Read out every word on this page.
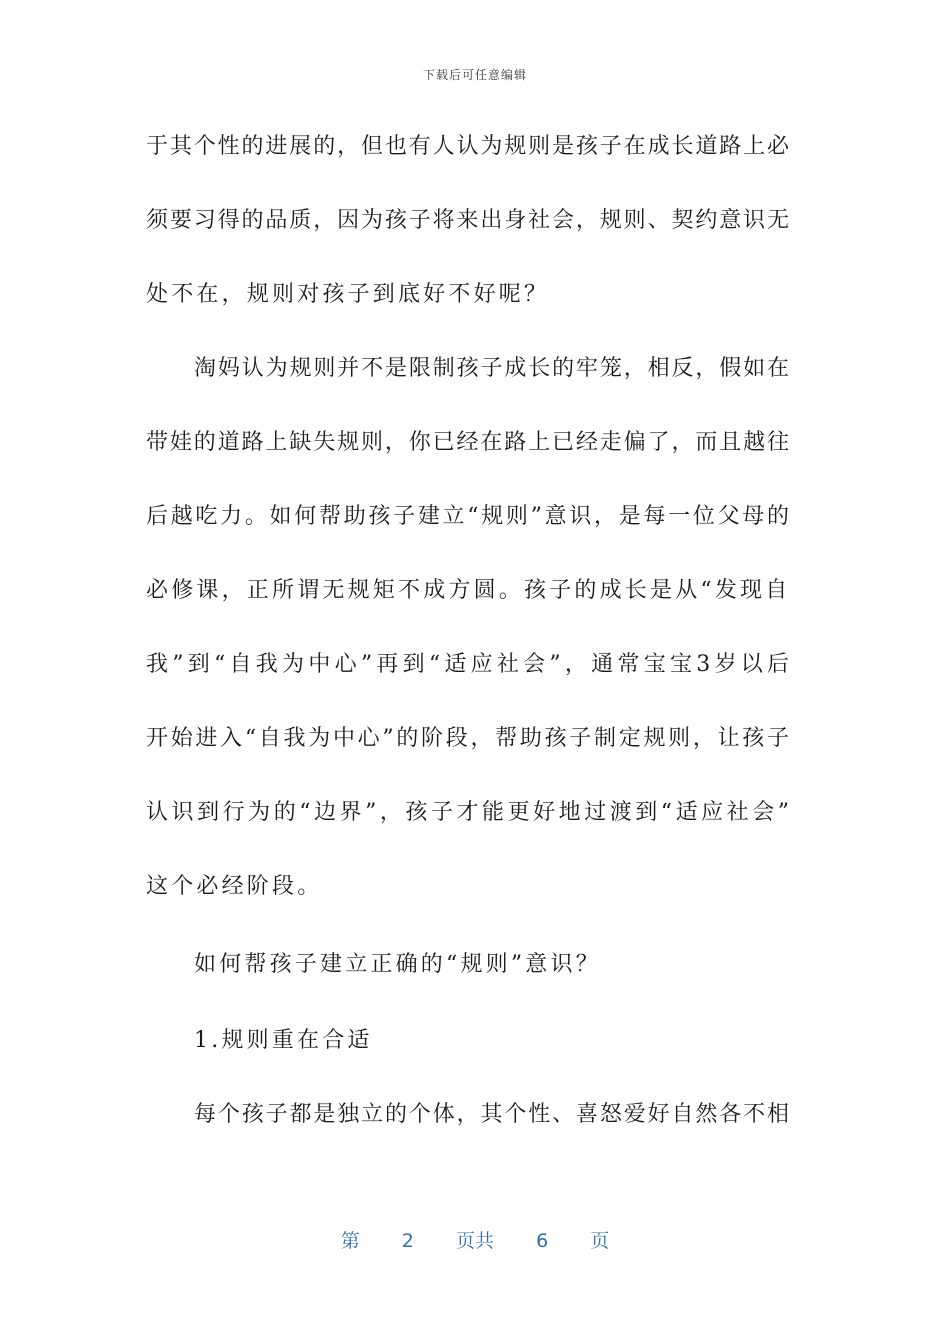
下载后可任意编辑
于其个性的进展的，但也有人认为规则是孩子在成长道路上必
须要习得的品质，因为孩子将来出身社会，规则、契约意识无
处不在，规则对孩子到底好不好呢？
淘妈认为规则并不是限制孩子成长的牢笼，相反，假如在
带娃的道路上缺失规则，你已经在路上已经走偏了，而且越往
后越吃力。如何帮助孩子建立“规则”意识，是每一位父母的
必修课，正所谓无规矩不成方圆。孩子的成长是从“发现自
我”到“自我为中心”再到“适应社会”，通常宝宝3岁以后
开始进入“自我为中心”的阶段，帮助孩子制定规则，让孩子
认识到行为的“边界”，孩子才能更好地过渡到“适应社会”
这个必经阶段。
如何帮孩子建立正确的“规则”意识？
1.规则重在合适
每个孩子都是独立的个体，其个性、喜怒爱好自然各不相
第 2 页共 6 页
